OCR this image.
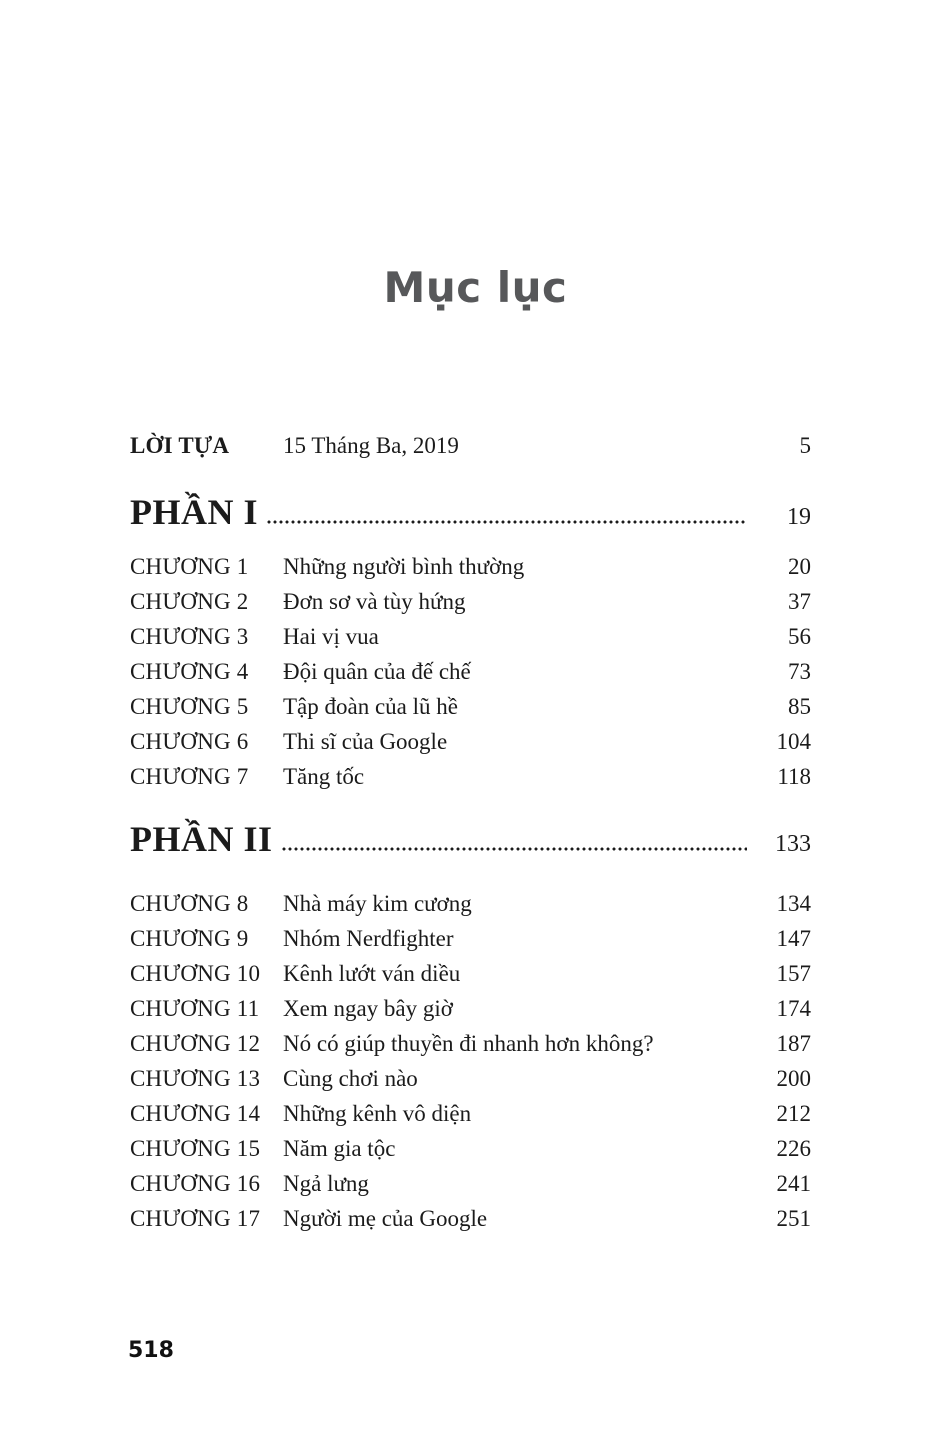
Mục lục
LỜI TỰA	15 Tháng Ba, 2019	5
PHẦN I	19
CHƯƠNG 1	Những người bình thường	20
CHƯƠNG 2	Đơn sơ và tùy hứng	37
CHƯƠNG 3	Hai vị vua	56
CHƯƠNG 4	Đội quân của đế chế	73
CHƯƠNG 5	Tập đoàn của lũ hề	85
CHƯƠNG 6	Thi sĩ của Google	104
CHƯƠNG 7	Tăng tốc	118
PHẦN II	133
CHƯƠNG 8	Nhà máy kim cương	134
CHƯƠNG 9	Nhóm Nerdfighter	147
CHƯƠNG 10 Kênh lướt ván diều	157
CHƯƠNG 11	Xem ngay bây giờ	174
CHƯƠNG 12 Nó có giúp thuyền đi nhanh hơn không?	187
CHƯƠNG 13 Cùng chơi nào	200
CHƯƠNG 14 Những kênh vô diện	212
CHƯƠNG 15 Năm gia tộc	226
CHƯƠNG 16 Ngả lưng	241
CHƯƠNG 17 Người mẹ của Google	251
518
